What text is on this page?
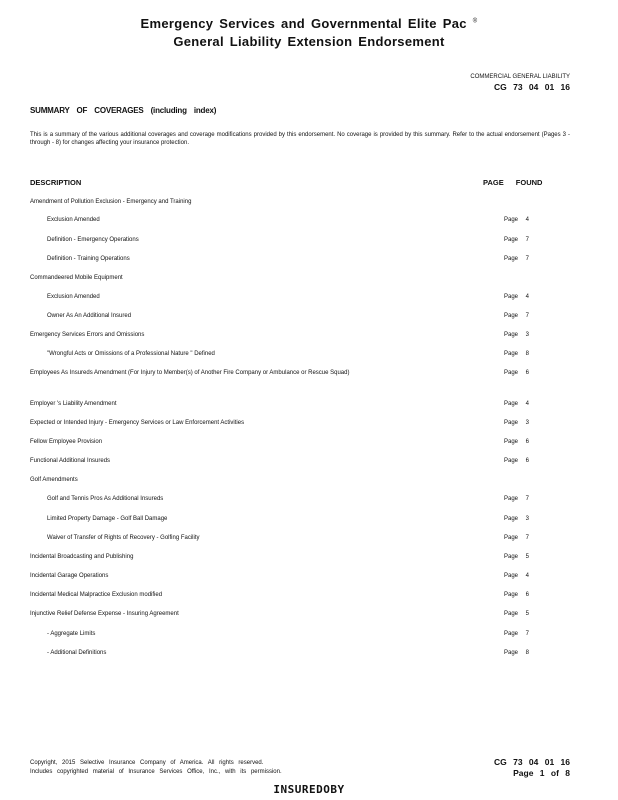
Emergency Services and Governmental Elite Pac ®
General Liability Extension Endorsement
COMMERCIAL GENERAL LIABILITY
CG 73 04 01 16
SUMMARY OF COVERAGES (including index)
This is a summary of the various additional coverages and coverage modifications provided by this endorsement. No coverage is provided by this summary. Refer to the actual endorsement (Pages 3 - through - 8) for changes affecting your insurance protection.
DESCRIPTION	PAGE FOUND
Amendment of Pollution Exclusion - Emergency and Training
Exclusion Amended	Page 4
Definition - Emergency Operations	Page 7
Definition - Training Operations	Page 7
Commandeered Mobile Equipment
Exclusion Amended	Page 4
Owner As An Additional Insured	Page 7
Emergency Services Errors and Omissions	Page 3
"Wrongful Acts or Omissions of a Professional Nature " Defined	Page 8
Employees As Insureds Amendment (For Injury to Member(s) of Another Fire Company or Ambulance or Rescue Squad)	Page 6
Employer 's Liability Amendment	Page 4
Expected or Intended Injury - Emergency Services or Law Enforcement Activities	Page 3
Fellow Employee Provision	Page 6
Functional Additional Insureds	Page 6
Golf Amendments
Golf and Tennis Pros As Additional Insureds	Page 7
Limited Property Damage - Golf Ball Damage	Page 3
Waiver of Transfer of Rights of Recovery - Golfing Facility	Page 7
Incidental Broadcasting and Publishing	Page 5
Incidental Garage Operations	Page 4
Incidental Medical Malpractice Exclusion modified	Page 6
Injunctive Relief Defense Expense - Insuring Agreement	Page 5
- Aggregate Limits	Page 7
- Additional Definitions	Page 8
Copyright, 2015 Selective Insurance Company of America. All rights reserved.
Includes copyrighted material of Insurance Services Office, Inc., with its permission.
CG 73 04 01 16
Page 1 of 8
INSUREDOBY
